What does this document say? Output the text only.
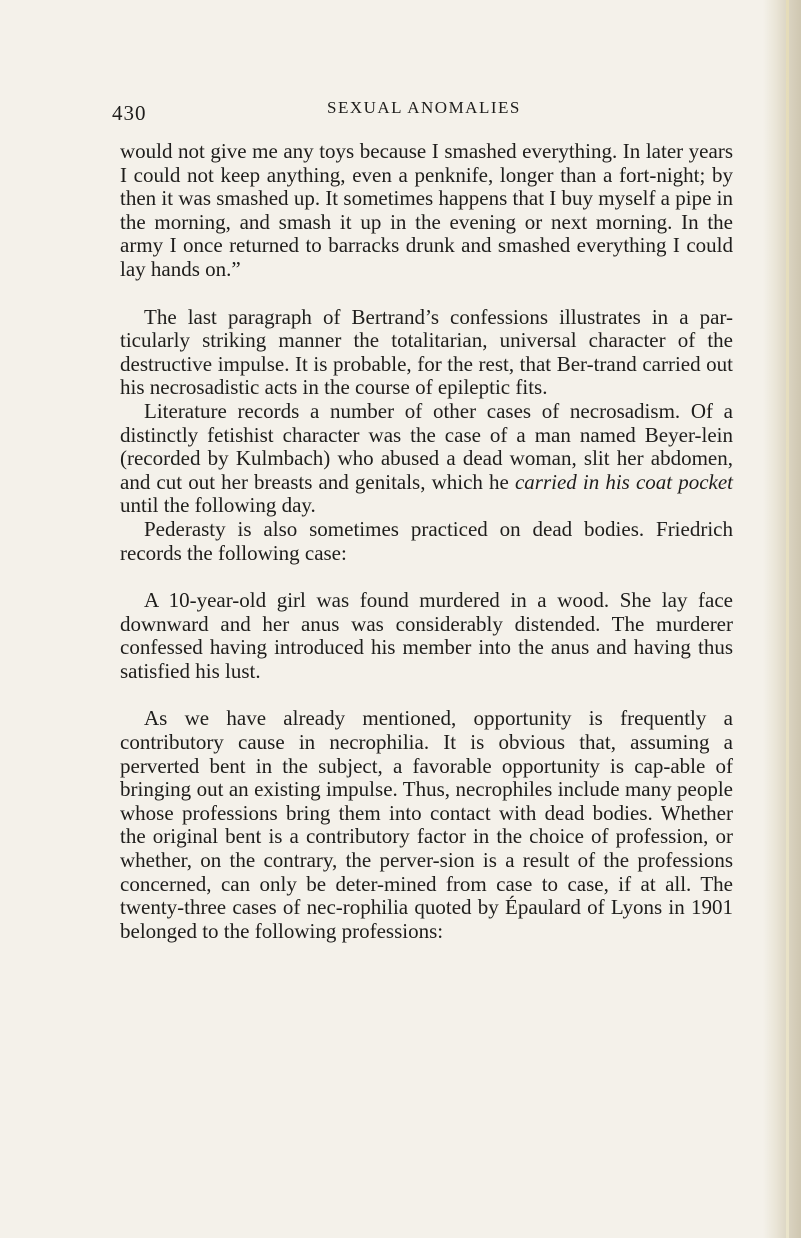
430	SEXUAL ANOMALIES

would not give me any toys because I smashed everything. In later years I could not keep anything, even a penknife, longer than a fort-night; by then it was smashed up. It sometimes happens that I buy myself a pipe in the morning, and smash it up in the evening or next morning. In the army I once returned to barracks drunk and smashed everything I could lay hands on.”

The last paragraph of Bertrand’s confessions illustrates in a par-ticularly striking manner the totalitarian, universal character of the destructive impulse. It is probable, for the rest, that Ber-trand carried out his necrosadistic acts in the course of epileptic fits.

Literature records a number of other cases of necrosadism. Of a distinctly fetishist character was the case of a man named Beyer-lein (recorded by Kulmbach) who abused a dead woman, slit her abdomen, and cut out her breasts and genitals, which he carried in his coat pocket until the following day.

Pederasty is also sometimes practiced on dead bodies. Friedrich records the following case:

A 10-year-old girl was found murdered in a wood. She lay face downward and her anus was considerably distended. The murderer confessed having introduced his member into the anus and having thus satisfied his lust.

As we have already mentioned, opportunity is frequently a contributory cause in necrophilia. It is obvious that, assuming a perverted bent in the subject, a favorable opportunity is cap-able of bringing out an existing impulse. Thus, necrophiles include many people whose professions bring them into contact with dead bodies. Whether the original bent is a contributory factor in the choice of profession, or whether, on the contrary, the perver-sion is a result of the professions concerned, can only be deter-mined from case to case, if at all. The twenty-three cases of nec-rophilia quoted by Épaulard of Lyons in 1901 belonged to the following professions:
